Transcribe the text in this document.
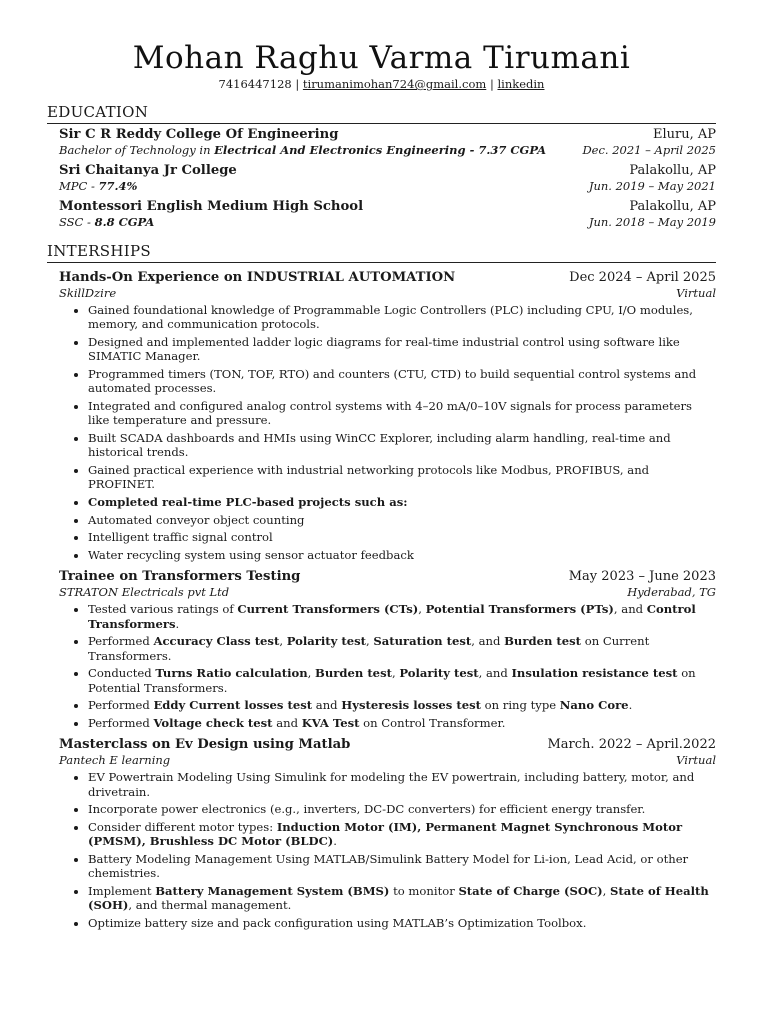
Mohan Raghu Varma Tirumani
7416447128 | tirumanimohan724@gmail.com | linkedin
EDUCATION
Sir C R Reddy College Of Engineering	Eluru, AP
Bachelor of Technology in Electrical And Electronics Engineering - 7.37 CGPA	Dec. 2021 – April 2025
Sri Chaitanya Jr College	Palakollu, AP
MPC - 77.4%	Jun. 2019 – May 2021
Montessori English Medium High School	Palakollu, AP
SSC - 8.8 CGPA	Jun. 2018 – May 2019
INTERSHIPS
Hands-On Experience on INDUSTRIAL AUTOMATION	Dec 2024 – April 2025
SkillDzire	Virtual
• Gained foundational knowledge of Programmable Logic Controllers (PLC) including CPU, I/O modules, memory, and communication protocols.
• Designed and implemented ladder logic diagrams for real-time industrial control using software like SIMATIC Manager.
• Programmed timers (TON, TOF, RTO) and counters (CTU, CTD) to build sequential control systems and automated processes.
• Integrated and configured analog control systems with 4–20 mA/0–10V signals for process parameters like temperature and pressure.
• Built SCADA dashboards and HMIs using WinCC Explorer, including alarm handling, real-time and historical trends.
• Gained practical experience with industrial networking protocols like Modbus, PROFIBUS, and PROFINET.
• Completed real-time PLC-based projects such as:
• Automated conveyor object counting
• Intelligent traffic signal control
• Water recycling system using sensor actuator feedback
Trainee on Transformers Testing	May 2023 – June 2023
STRATON Electricals pvt Ltd	Hyderabad, TG
• Tested various ratings of Current Transformers (CTs), Potential Transformers (PTs), and Control Transformers.
• Performed Accuracy Class test, Polarity test, Saturation test, and Burden test on Current Transformers.
• Conducted Turns Ratio calculation, Burden test, Polarity test, and Insulation resistance test on Potential Transformers.
• Performed Eddy Current losses test and Hysteresis losses test on ring type Nano Core.
• Performed Voltage check test and KVA Test on Control Transformer.
Masterclass on Ev Design using Matlab	March. 2022 – April.2022
Pantech E learning	Virtual
• EV Powertrain Modeling Using Simulink for modeling the EV powertrain, including battery, motor, and drivetrain.
• Incorporate power electronics (e.g., inverters, DC-DC converters) for efficient energy transfer.
• Consider different motor types: Induction Motor (IM), Permanent Magnet Synchronous Motor (PMSM), Brushless DC Motor (BLDC).
• Battery Modeling Management Using MATLAB/Simulink Battery Model for Li-ion, Lead Acid, or other chemistries.
• Implement Battery Management System (BMS) to monitor State of Charge (SOC), State of Health (SOH), and thermal management.
• Optimize battery size and pack configuration using MATLAB’s Optimization Toolbox.
